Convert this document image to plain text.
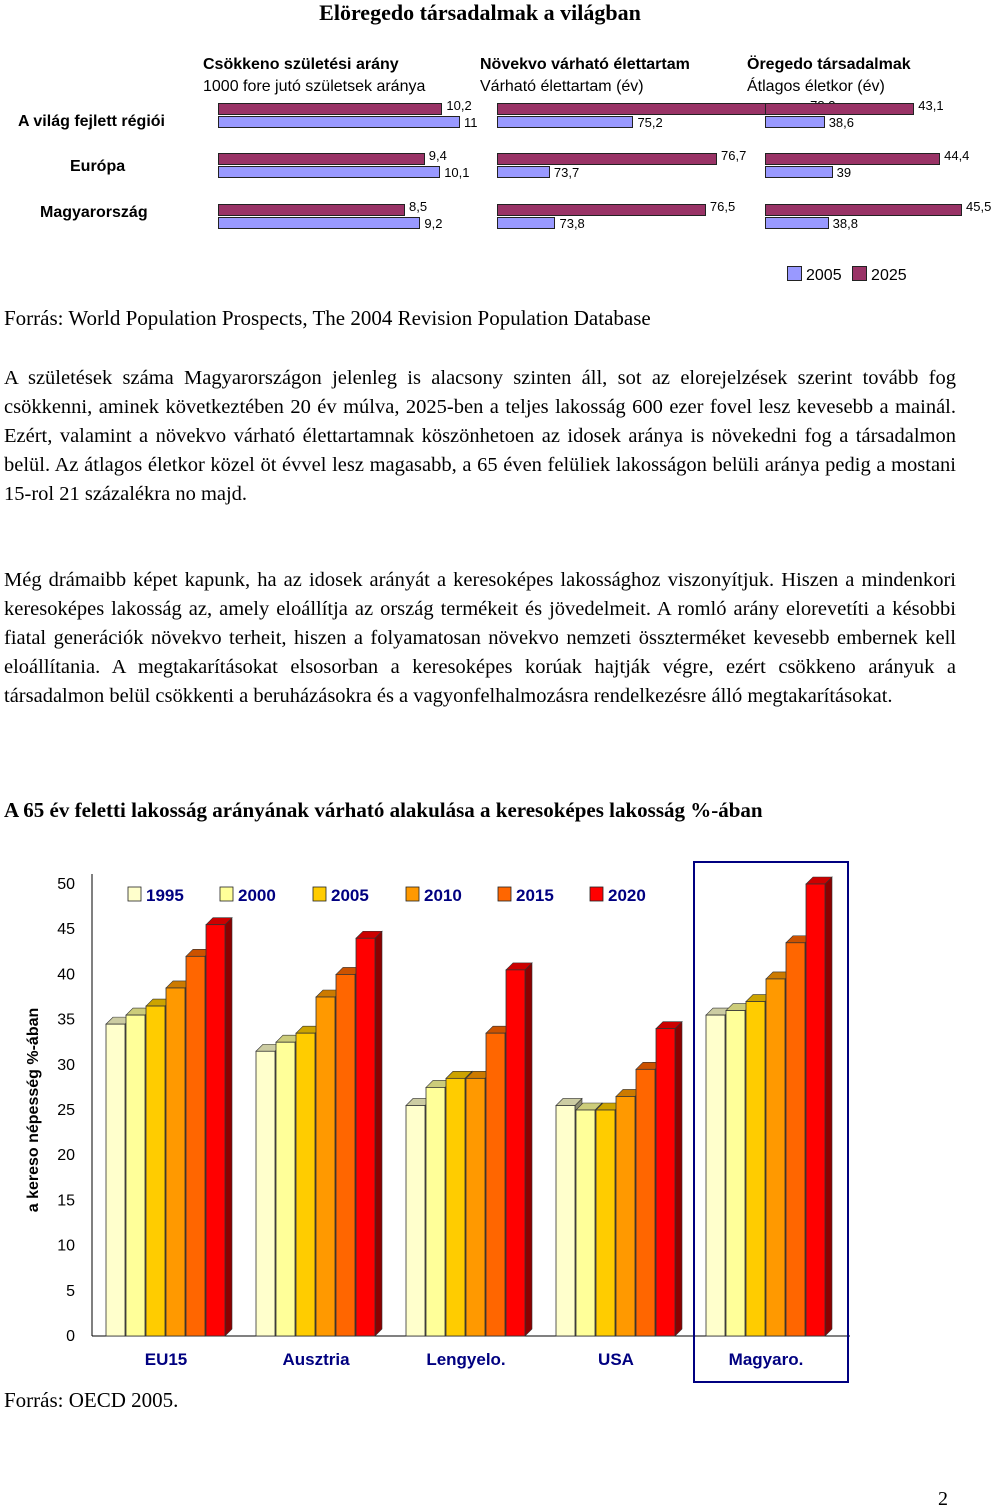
Elöregedo társadalmak a világban
Csökkeno születési arány
1000 fore jutó születsek aránya
Növekvo várható élettartam
Várható élettartam (év)
Öregedo társadalmak
Átlagos életkor (év)
A világ fejlett régiói
Európa
Magyarország
10,2
11	75,2
43,1
38,6
9,4
10,1
76,7
73,7
44,4
39
8,5
9,2
76,5
73,8
45,5
38,8
2005 2025
Forrás: World Population Prospects, The 2004 Revision Population Database
A születések száma Magyarországon jelenleg is alacsony szinten áll, sot az elorejelzések szerint tovább fog csökkenni, aminek következtében 20 év múlva, 2025-ben a teljes lakosság 600 ezer fovel lesz kevesebb a mainál. Ezért, valamint a növekvo várható élettartamnak köszönhetoen az idosek aránya is növekedni fog a társadalmon belül. Az átlagos életkor közel öt évvel lesz magasabb, a 65 éven felüliek lakosságon belüli aránya pedig a mostani 15-rol 21 százalékra no majd.
Még drámaibb képet kapunk, ha az idosek arányát a keresoképes lakossághoz viszonyítjuk. Hiszen a mindenkori keresoképes lakosság az, amely eloállítja az ország termékeit és jövedelmeit. A romló arány elorevetíti a késobbi fiatal generációk növekvo terheit, hiszen a folyamatosan növekvo nemzeti összterméket kevesebb embernek kell eloállítania. A megtakarításokat elsosorban a keresoképes korúak hajtják végre, ezért csökkeno arányuk a társadalmon belül csökkenti a beruházásokra és a vagyonfelhalmozásra rendelkezésre álló megtakarításokat.
A 65 év feletti lakosság arányának várható alakulása a keresoképes lakosság %-ában
0
5
10
15
20
25
30
35
40
45
50
a kereso népesség %-ában
EU15	Ausztria	Lengyelo.	USA	Magyaro.
1995	2000	2005	2010	2015	2020
Forrás: OECD 2005.
2
